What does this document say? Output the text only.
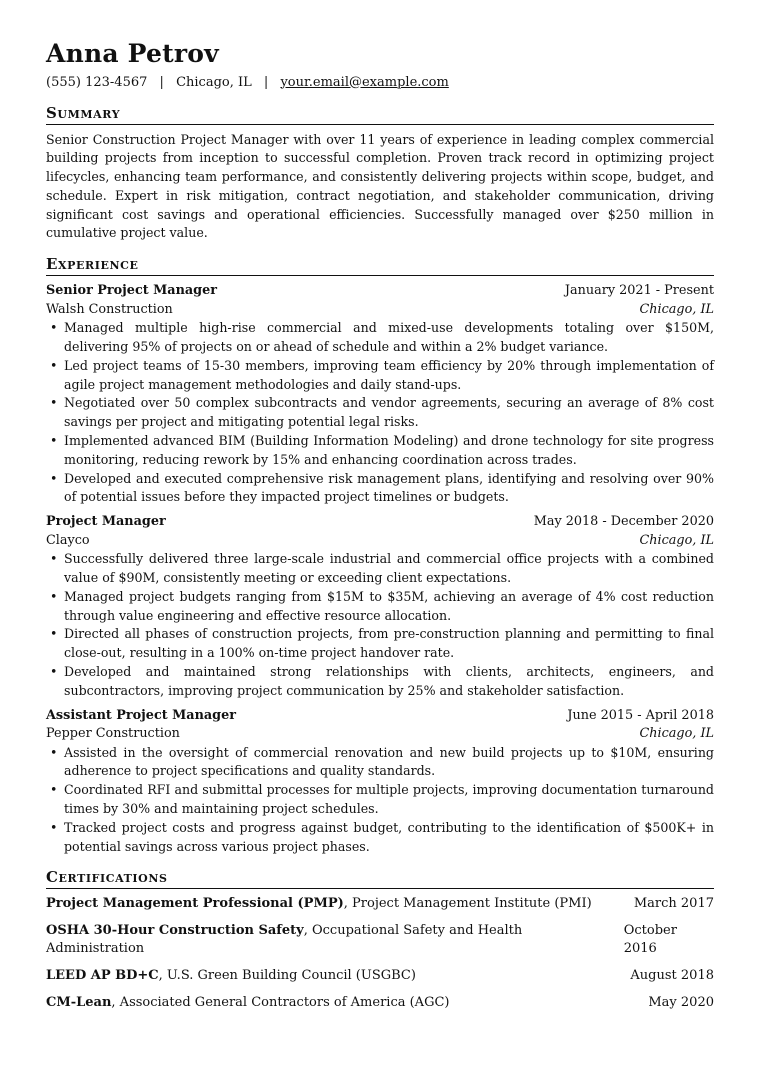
Anna Petrov
(555) 123-4567 | Chicago, IL | your.email@example.com
Summary

Senior Construction Project Manager with over 11 years of experience in leading complex commercial building projects from inception to successful completion. Proven track record in optimizing project lifecycles, enhancing team performance, and consistently delivering projects within scope, budget, and schedule. Expert in risk mitigation, contract negotiation, and stakeholder communication, driving significant cost savings and operational efficiencies. Successfully managed over $250 million in cumulative project value.

Experience
Senior Project Manager	January 2021 - Present
Walsh Construction	Chicago, IL
• Managed multiple high-rise commercial and mixed-use developments totaling over $150M, delivering 95% of projects on or ahead of schedule and within a 2% budget variance.
• Led project teams of 15-30 members, improving team efficiency by 20% through implementation of agile project management methodologies and daily stand-ups.
• Negotiated over 50 complex subcontracts and vendor agreements, securing an average of 8% cost savings per project and mitigating potential legal risks.
• Implemented advanced BIM (Building Information Modeling) and drone technology for site progress monitoring, reducing rework by 15% and enhancing coordination across trades.
• Developed and executed comprehensive risk management plans, identifying and resolving over 90% of potential issues before they impacted project timelines or budgets.
Project Manager	May 2018 - December 2020
Clayco	Chicago, IL
• Successfully delivered three large-scale industrial and commercial office projects with a combined value of $90M, consistently meeting or exceeding client expectations.
• Managed project budgets ranging from $15M to $35M, achieving an average of 4% cost reduction through value engineering and effective resource allocation.
• Directed all phases of construction projects, from pre-construction planning and permitting to final close-out, resulting in a 100% on-time project handover rate.
• Developed and maintained strong relationships with clients, architects, engineers, and subcontractors, improving project communication by 25% and stakeholder satisfaction.
Assistant Project Manager	June 2015 - April 2018
Pepper Construction	Chicago, IL
• Assisted in the oversight of commercial renovation and new build projects up to $10M, ensuring adherence to project specifications and quality standards.
• Coordinated RFI and submittal processes for multiple projects, improving documentation turnaround times by 30% and maintaining project schedules.
• Tracked project costs and progress against budget, contributing to the identification of $500K+ in potential savings across various project phases.
Certifications
Project Management Professional (PMP), Project Management Institute (PMI)	March 2017
OSHA 30-Hour Construction Safety, Occupational Safety and Health Administration
October 2016
LEED AP BD+C, U.S. Green Building Council (USGBC)	August 2018
CM-Lean, Associated General Contractors of America (AGC)	May 2020
